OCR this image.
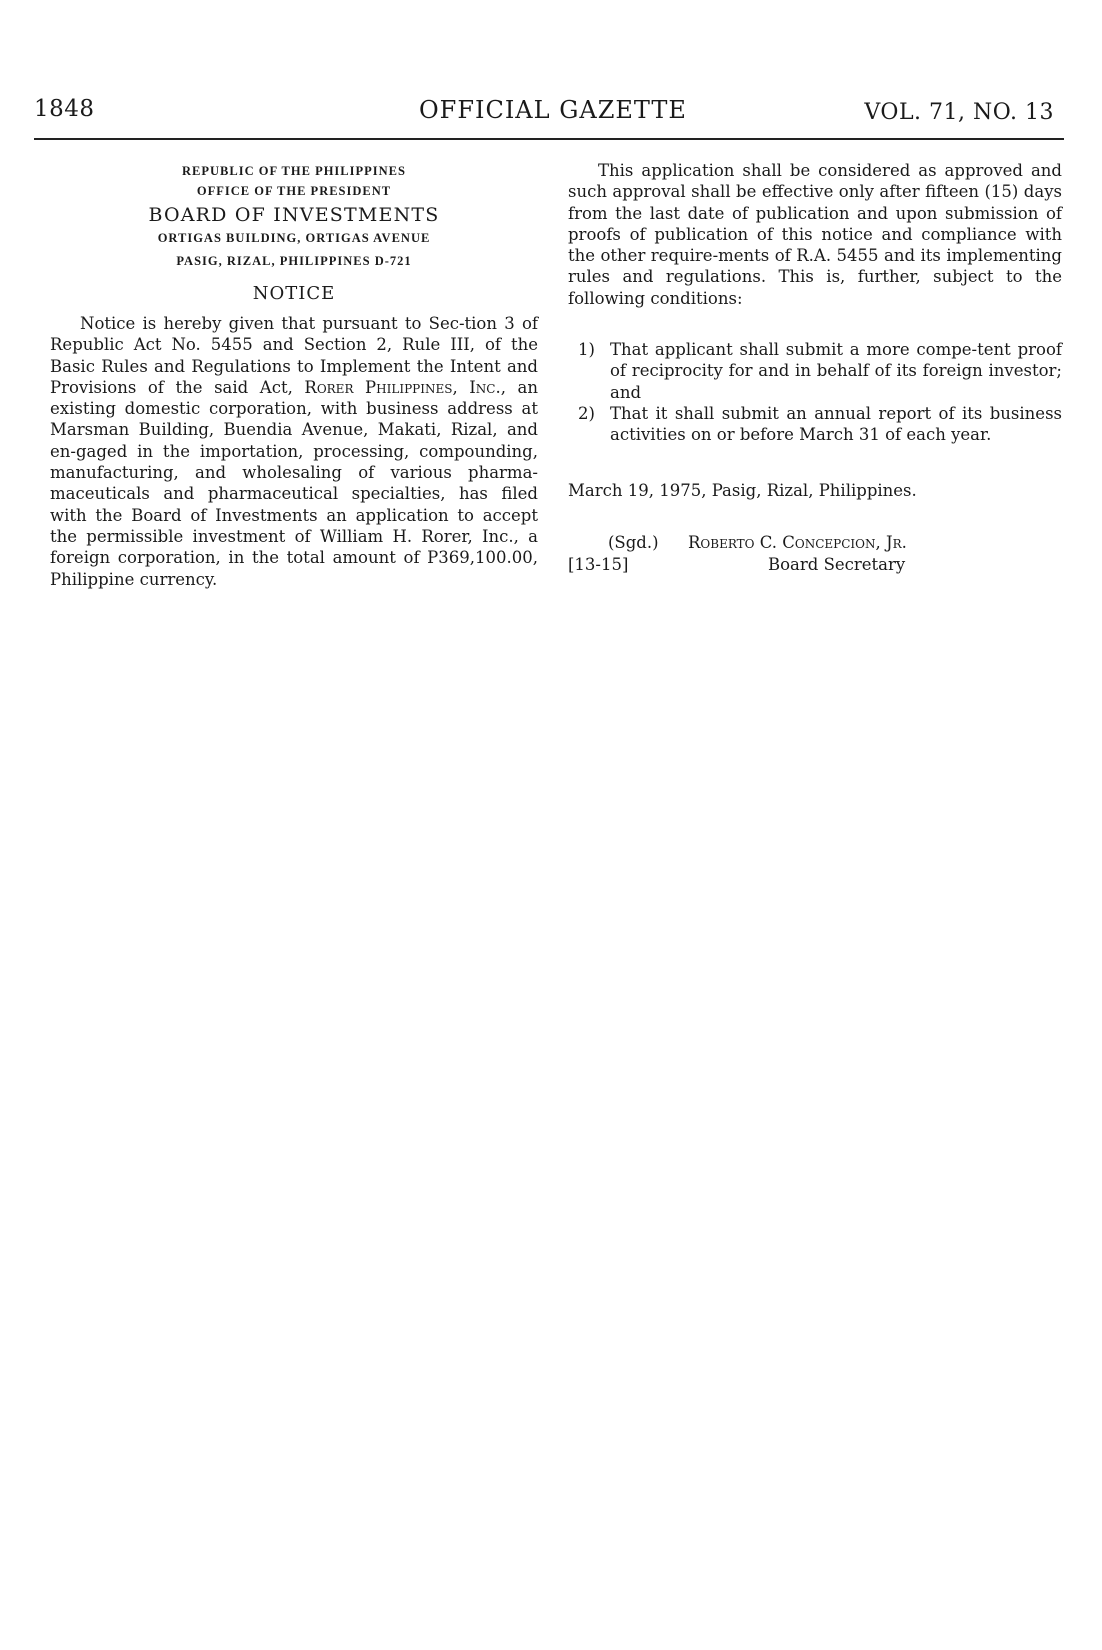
1848	OFFICIAL GAZETTE	VOL. 71, NO. 13
REPUBLIC OF THE PHILIPPINES
OFFICE OF THE PRESIDENT
BOARD OF INVESTMENTS
ORTIGAS BUILDING, ORTIGAS AVENUE
PASIG, RIZAL, PHILIPPINES D-721
NOTICE

Notice is hereby given that pursuant to Sec-tion 3 of Republic Act No. 5455 and Section 2, Rule III, of the Basic Rules and Regulations to Implement the Intent and Provisions of the said Act, Rorer Philippines, Inc., an existing domestic corporation, with business address at Marsman Building, Buendia Avenue, Makati, Rizal, and en-gaged in the importation, processing, compounding, manufacturing, and wholesaling of various pharma-maceuticals and pharmaceutical specialties, has filed with the Board of Investments an application to accept the permissible investment of William H. Rorer, Inc., a foreign corporation, in the total amount of P369,100.00, Philippine currency.

This application shall be considered as approved and such approval shall be effective only after fifteen (15) days from the last date of publication and upon submission of proofs of publication of this notice and compliance with the other require-ments of R.A. 5455 and its implementing rules and regulations. This is, further, subject to the following conditions:

1) That applicant shall submit a more compe-tent proof of reciprocity for and in behalf of its foreign investor; and
2) That it shall submit an annual report of its business activities on or before March 31 of each year.
March 19, 1975, Pasig, Rizal, Philippines.
(Sgd.) Roberto C. Concepcion, Jr.
[13-15]	Board Secretary
